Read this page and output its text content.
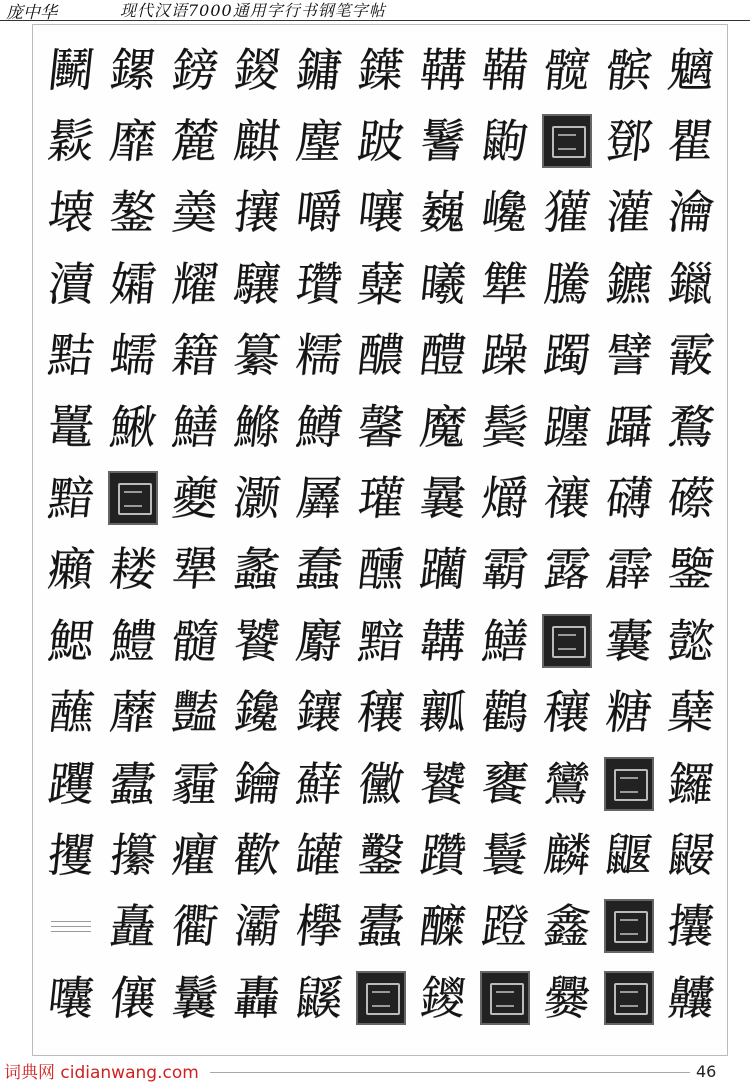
庞中华	现代汉语7000通用字行书钢笔字帖
鬭 鏍 鎊 鍐 鏞 鐷 鞲 鞴 髋 髌 魑
鬏 靡 麓 麒 麈 跛 鬐 鼩 鄧 瞿
壊 鏊 羮 攘 嚼 嚷 巍 巉 獾 灌 瀹
瀆 孀 耀 驤 瓚 糵 曦 犨 騰 鑣 鑞
黠 蠕 籍 纂 糯 醲 醴 躁 躅 譬 霰
鼍 鰍 鱔 鰷 鱒 馨 魔 鬓 躔 躡 鶩
黯 夔 灏 羼 瓘 曩 爝 禳 礴 礤
癩 耧 犟 蠡 蠢 醺 躪 霸 露 霹 鑒
鰓 鱧 髓 饕 麝 黯 韝 鱔 囊 懿
蘸 蘼 豔 鑱 鑲 穰 瓤 鸛 穰 糖 蘖
躩 蠹 霾 鑰 蘚 黴 饕 饔 鸞 鑼
攫 攥 癯 歡 罐 鑿 躦 鬟 麟 鼴 鼹
矗 衢 灞 欅 蠹 醾 蹬 鑫 攮
囔 儴 鬤 轟 鼷 鑁 爨 齉
词典网 cidianwang.com	46
